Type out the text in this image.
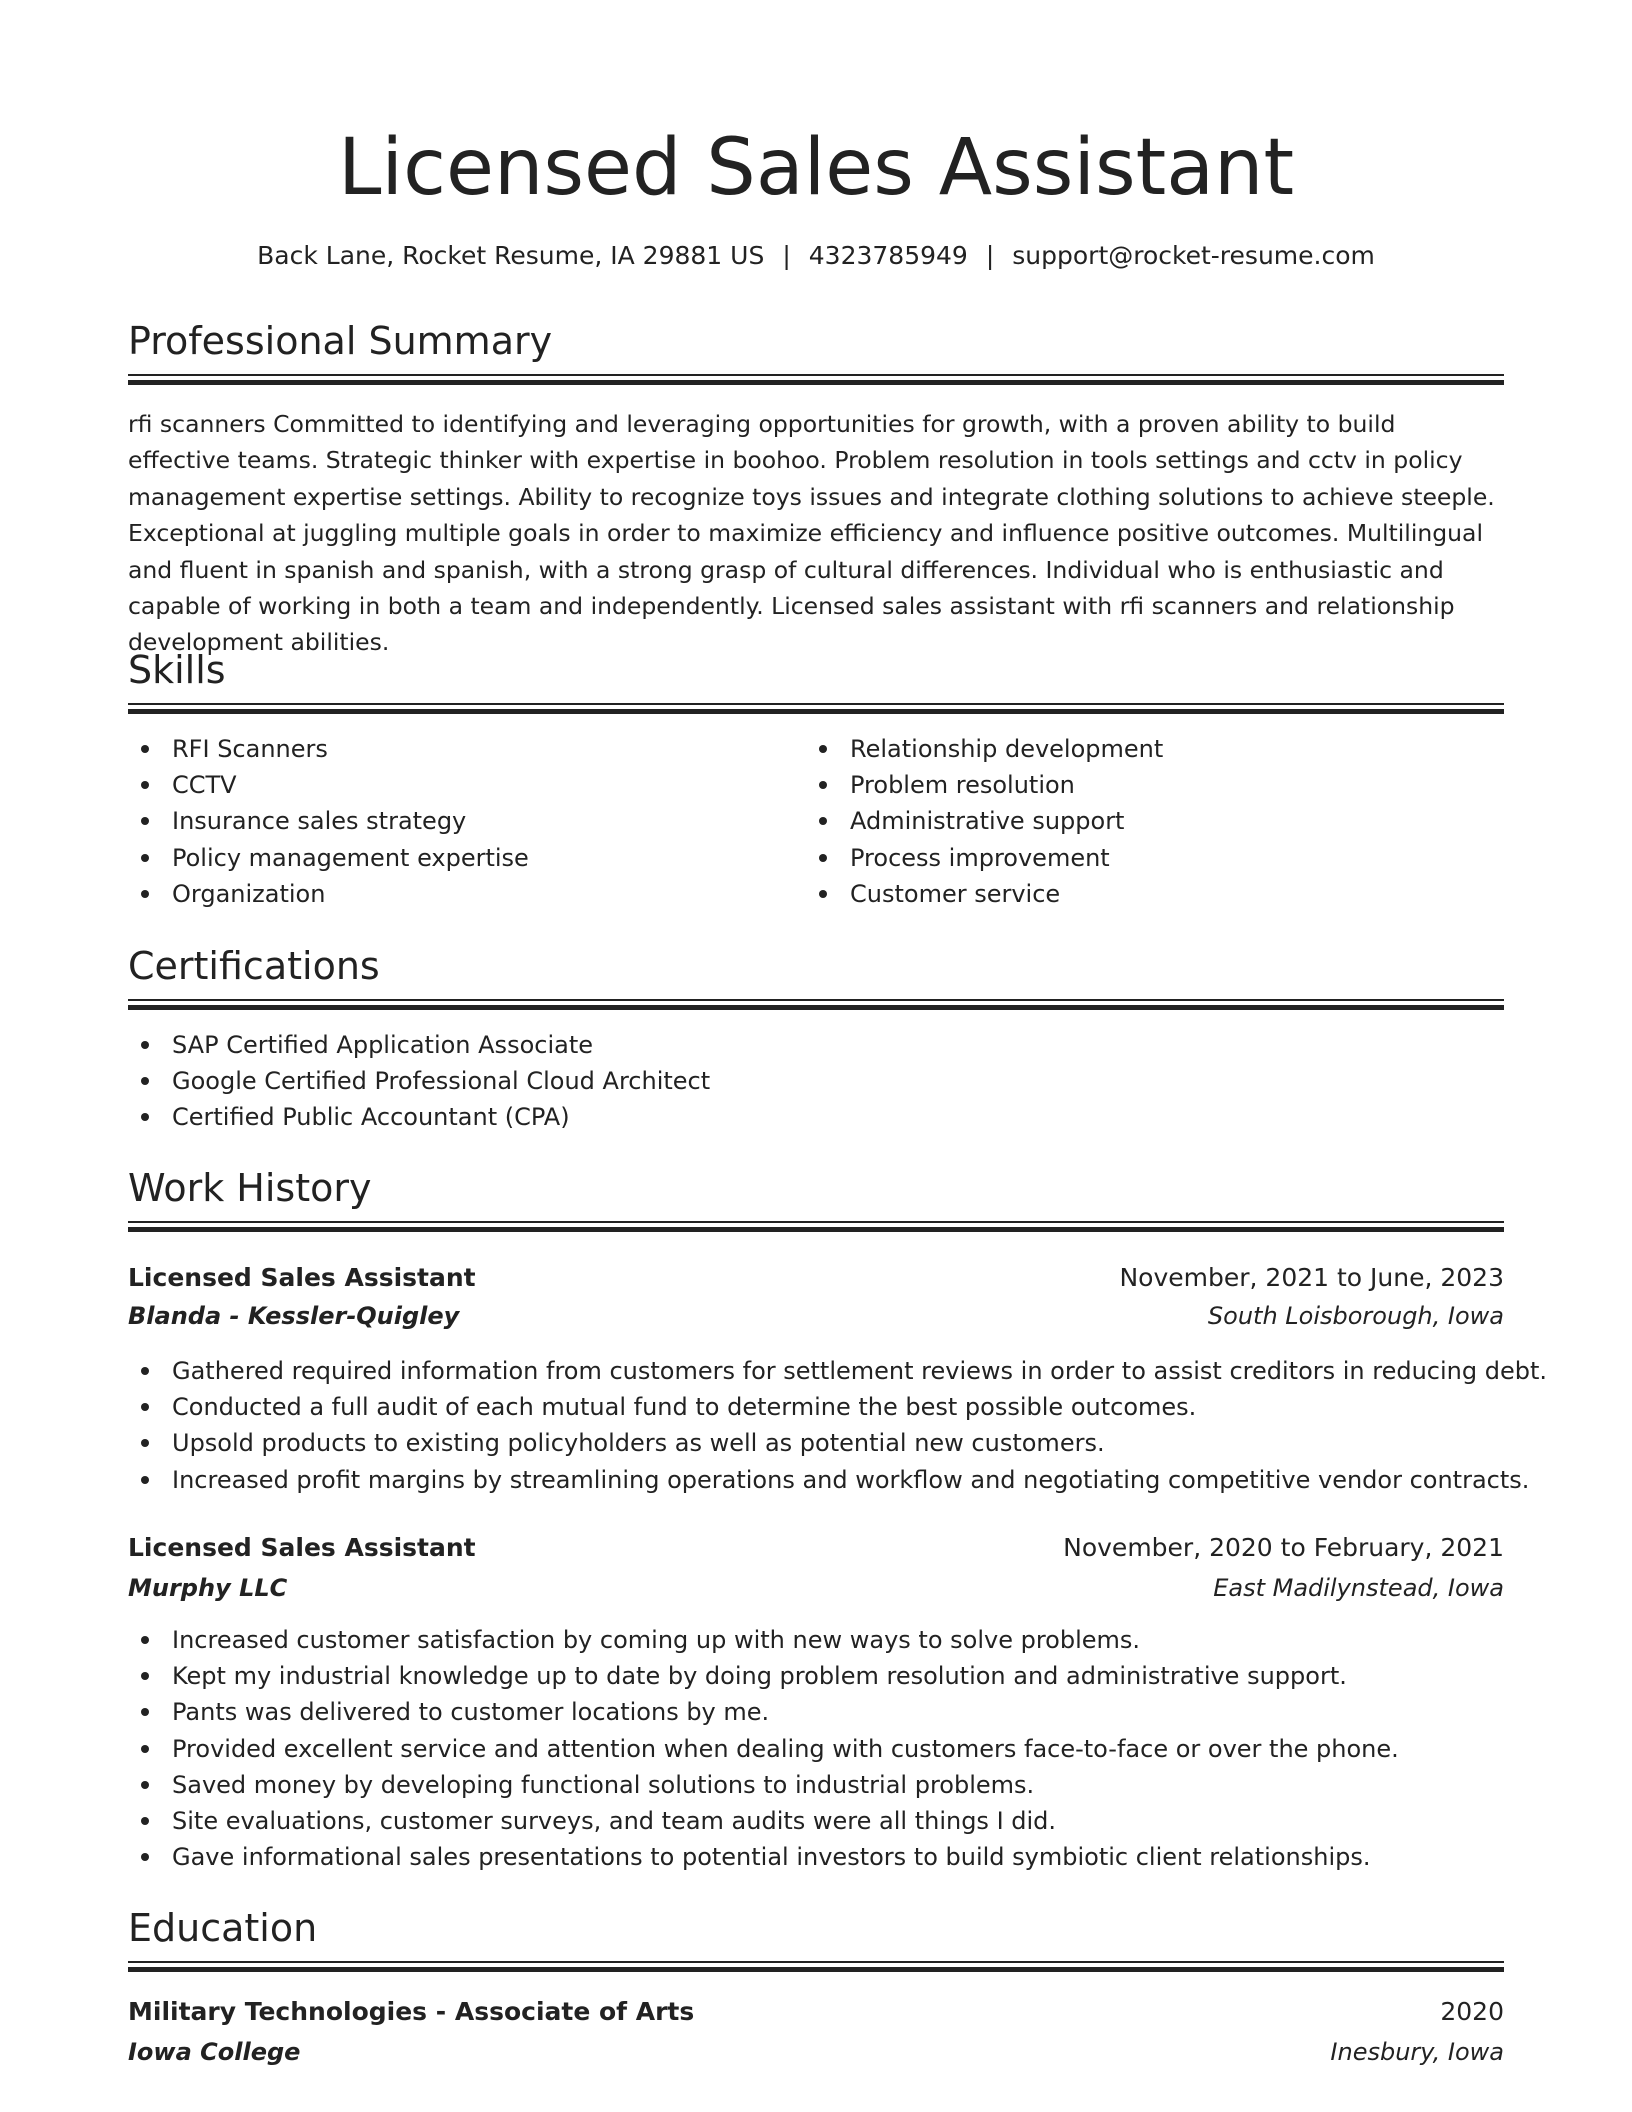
Licensed Sales Assistant
Back Lane, Rocket Resume, IA 29881 US | 4323785949 | support@rocket-resume.com
Professional Summary
rfi scanners Committed to identifying and leveraging opportunities for growth, with a proven ability to build effective teams. Strategic thinker with expertise in boohoo. Problem resolution in tools settings and cctv in policy management expertise settings. Ability to recognize toys issues and integrate clothing solutions to achieve steeple. Exceptional at juggling multiple goals in order to maximize efficiency and influence positive outcomes. Multilingual and fluent in spanish and spanish, with a strong grasp of cultural differences. Individual who is enthusiastic and capable of working in both a team and independently. Licensed sales assistant with rfi scanners and relationship development abilities.
Skills
RFI Scanners
CCTV
Insurance sales strategy
Policy management expertise
Organization
Relationship development
Problem resolution
Administrative support
Process improvement
Customer service
Certifications
SAP Certified Application Associate
Google Certified Professional Cloud Architect
Certified Public Accountant (CPA)
Work History
Licensed Sales Assistant	November, 2021 to June, 2023
Blanda - Kessler-Quigley	South Loisborough, Iowa
Gathered required information from customers for settlement reviews in order to assist creditors in reducing debt.
Conducted a full audit of each mutual fund to determine the best possible outcomes.
Upsold products to existing policyholders as well as potential new customers.
Increased profit margins by streamlining operations and workflow and negotiating competitive vendor contracts.
Licensed Sales Assistant	November, 2020 to February, 2021
Murphy LLC	East Madilynstead, Iowa
Increased customer satisfaction by coming up with new ways to solve problems.
Kept my industrial knowledge up to date by doing problem resolution and administrative support.
Pants was delivered to customer locations by me.
Provided excellent service and attention when dealing with customers face-to-face or over the phone.
Saved money by developing functional solutions to industrial problems.
Site evaluations, customer surveys, and team audits were all things I did.
Gave informational sales presentations to potential investors to build symbiotic client relationships.
Education
Military Technologies - Associate of Arts	2020
Iowa College	Inesbury, Iowa
